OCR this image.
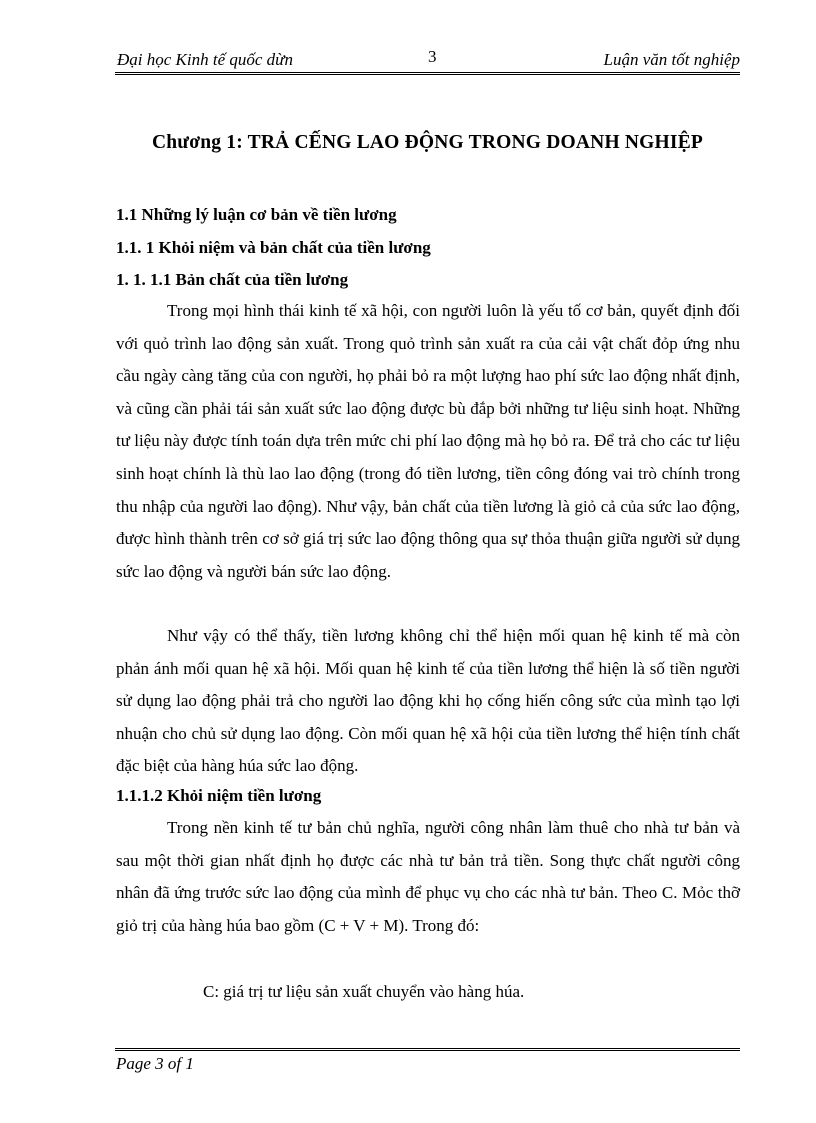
Đại học Kinh tế quốc dừn	3	Luận văn tốt nghiệp
Chương 1: TRẢ CẾNG LAO ĐỘNG TRONG DOANH NGHIỆP
1.1 Những lý luận cơ bản về tiền lương
1.1. 1 Khỏi niệm và bản chất của tiền lương
1. 1. 1.1 Bản chất của tiền lương

Trong mọi hình thái kinh tế xã hội, con người luôn là yếu tố cơ bản, quyết định đối với quỏ trình lao động sản xuất. Trong quỏ trình sản xuất ra của cải vật chất đỏp ứng nhu cầu ngày càng tăng của con người, họ phải bỏ ra một lượng hao phí sức lao động nhất định, và cũng cần phải tái sản xuất sức lao động được bù đắp bởi những tư liệu sinh hoạt. Những tư liệu này được tính toán dựa trên mức chi phí lao động mà họ bỏ ra. Để trả cho các tư liệu sinh hoạt chính là thù lao lao động (trong đó tiền lương, tiền công đóng vai trò chính trong thu nhập của người lao động). Như vậy, bản chất của tiền lương là giỏ cả của sức lao động, được hình thành trên cơ sở giá trị sức lao động thông qua sự thỏa thuận giữa người sử dụng sức lao động và người bán sức lao động.

Như vậy có thể thấy, tiền lương không chỉ thể hiện mối quan hệ kinh tế mà còn phản ánh mối quan hệ xã hội. Mối quan hệ kinh tế của tiền lương thể hiện là số tiền người sử dụng lao động phải trả cho người lao động khi họ cống hiến công sức của mình tạo lợi nhuận cho chủ sử dụng lao động. Còn mối quan hệ xã hội của tiền lương thể hiện tính chất đặc biệt của hàng húa sức lao động.

1.1.1.2 Khỏi niệm tiền lương

Trong nền kinh tế tư bản chủ nghĩa, người công nhân làm thuê cho nhà tư bản và sau một thời gian nhất định họ được các nhà tư bản trả tiền. Song thực chất người công nhân đã ứng trước sức lao động của mình để phục vụ cho các nhà tư bản. Theo C. Mỏc thỡ giỏ trị của hàng húa bao gồm (C + V + M). Trong đó:

C: giá trị tư liệu sản xuất chuyển vào hàng húa.
Page 3 of 1
